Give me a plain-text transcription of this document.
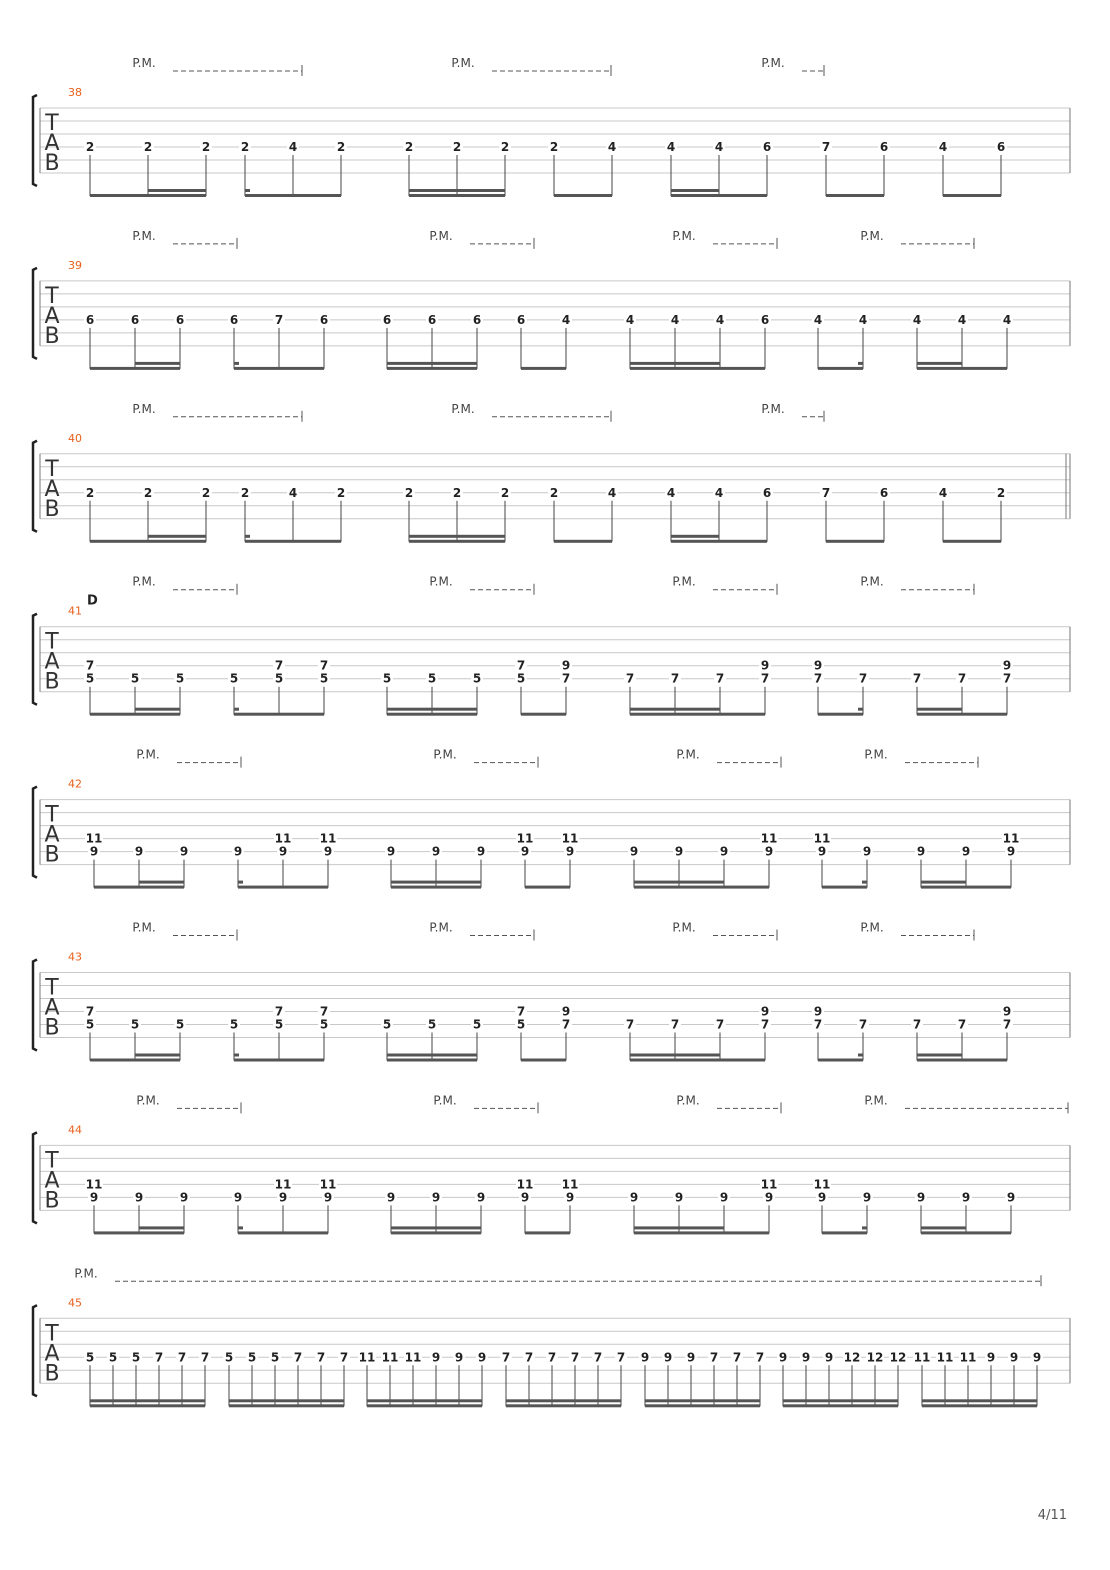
T
A
B
38
2	2	2	2	4	2	2	2	2	2	4	4	4	6	7	6	4	6
P.M.	P.M.	P.M.
T
A
B
39
6	6	6	6	7	6	6	6	6	6	4	4	4	4	6	4	4	4	4	4
P.M.	P.M.	P.M.	P.M.
T
A
B
40
2	2	2	2	4	2	2	2	2	2	4	4	4	6	7	6	4	2
P.M.	P.M.	P.M.
T
A
B
41
D
7
5	5	5	5
7
5
7
5	5	5	5
7
5
9
7	7	7	7
9
7
9
7	7	7	7
9
7
P.M.	P.M.	P.M.	P.M.
T
A
B
42
11
9	9	9	9
11
9
11
9	9	9	9
11
9
11
9	9	9	9
11
9
11
9	9	9	9
11
9
P.M.	P.M.	P.M.	P.M.
T
A
B
43
7
5	5	5	5
7
5
7
5	5	5	5
7
5
9
7	7	7	7
9
7
9
7	7	7	7
9
7
P.M.	P.M.	P.M.	P.M.
T
A
B
44
11
9	9	9	9
11
9
11
9	9	9	9
11
9
11
9	9	9	9
11
9
11
9	9	9	9	9
P.M.	P.M.	P.M.	P.M.
T
A
B
45
5 5 5 7 7 7 5 5 5 7 7 7 11 11 11 9 9 9 7 7 7 7 7 7 9 9 9 7 7 7 9 9 9 12 12 12 11 11 11 9 9 9
P.M.
4/11
